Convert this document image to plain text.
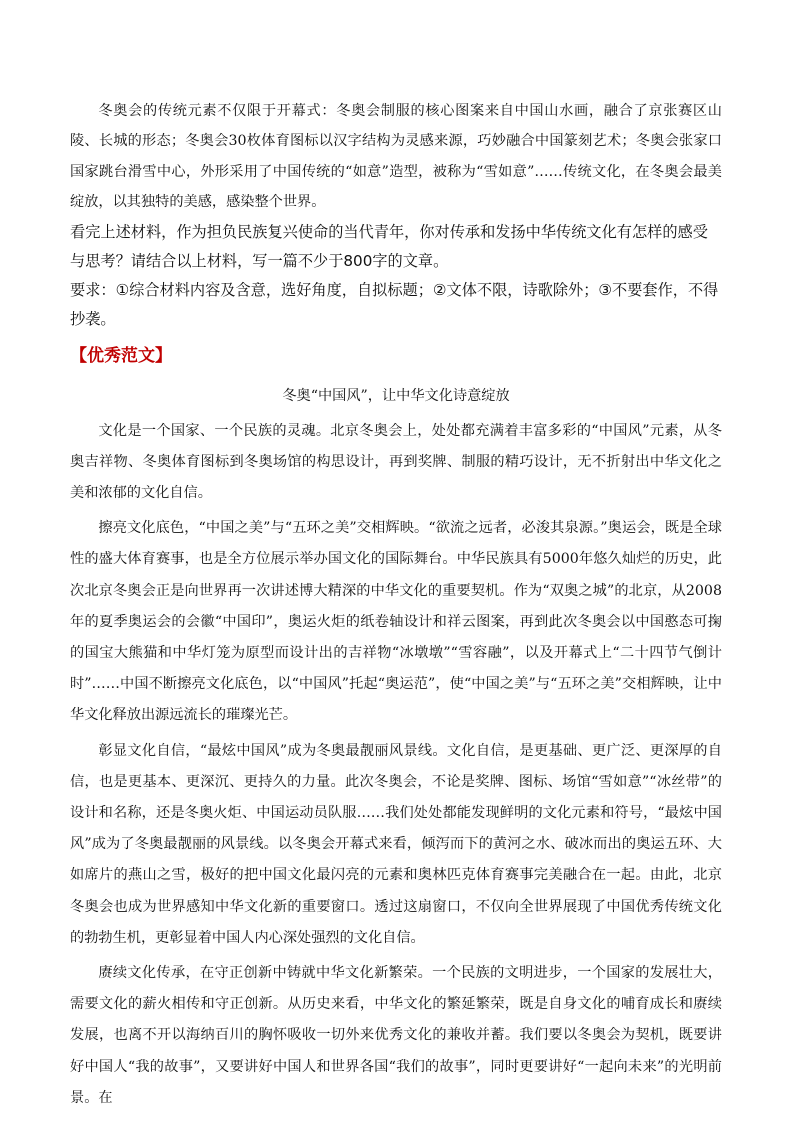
冬奥会的传统元素不仅限于开幕式：冬奥会制服的核心图案来自中国山水画，融合了京张赛区山陵、长城的形态；冬奥会30枚体育图标以汉字结构为灵感来源，巧妙融合中国篆刻艺术；冬奥会张家口国家跳台滑雪中心，外形采用了中国传统的“如意”造型，被称为“雪如意”……传统文化，在冬奥会最美绽放，以其独特的美感，感染整个世界。

看完上述材料，作为担负民族复兴使命的当代青年，你对传承和发扬中华传统文化有怎样的感受与思考？请结合以上材料，写一篇不少于800字的文章。

要求：①综合材料内容及含意，选好角度，自拟标题；②文体不限，诗歌除外；③不要套作，不得抄袭。

【优秀范文】
冬奥“中国风”，让中华文化诗意绽放

文化是一个国家、一个民族的灵魂。北京冬奥会上，处处都充满着丰富多彩的“中国风”元素，从冬奥吉祥物、冬奥体育图标到冬奥场馆的构思设计，再到奖牌、制服的精巧设计，无不折射出中华文化之美和浓郁的文化自信。

擦亮文化底色，“中国之美”与“五环之美”交相辉映。“欲流之远者，必浚其泉源。”奥运会，既是全球性的盛大体育赛事，也是全方位展示举办国文化的国际舞台。中华民族具有5000年悠久灿烂的历史，此次北京冬奥会正是向世界再一次讲述博大精深的中华文化的重要契机。作为“双奥之城”的北京，从2008年的夏季奥运会的会徽“中国印”，奥运火炬的纸卷轴设计和祥云图案，再到此次冬奥会以中国憨态可掬的国宝大熊猫和中华灯笼为原型而设计出的吉祥物“冰墩墩”“雪容融”，以及开幕式上“二十四节气倒计时”……中国不断擦亮文化底色，以“中国风”托起“奥运范”，使“中国之美”与“五环之美”交相辉映，让中华文化释放出源远流长的璀璨光芒。

彰显文化自信，“最炫中国风”成为冬奥最靓丽风景线。文化自信，是更基础、更广泛、更深厚的自信，也是更基本、更深沉、更持久的力量。此次冬奥会，不论是奖牌、图标、场馆“雪如意”“冰丝带”的设计和名称，还是冬奥火炬、中国运动员队服……我们处处都能发现鲜明的文化元素和符号，“最炫中国风”成为了冬奥最靓丽的风景线。以冬奥会开幕式来看，倾泻而下的黄河之水、破冰而出的奥运五环、大如席片的燕山之雪，极好的把中国文化最闪亮的元素和奥林匹克体育赛事完美融合在一起。由此，北京冬奥会也成为世界感知中华文化新的重要窗口。透过这扇窗口，不仅向全世界展现了中国优秀传统文化的勃勃生机，更彰显着中国人内心深处强烈的文化自信。

赓续文化传承，在守正创新中铸就中华文化新繁荣。一个民族的文明进步，一个国家的发展壮大，需要文化的薪火相传和守正创新。从历史来看，中华文化的繁延繁荣，既是自身文化的哺育成长和赓续发展，也离不开以海纳百川的胸怀吸收一切外来优秀文化的兼收并蓄。我们要以冬奥会为契机，既要讲好中国人“我的故事”，又要讲好中国人和世界各国“我们的故事”，同时更要讲好“一起向未来”的光明前景。在
